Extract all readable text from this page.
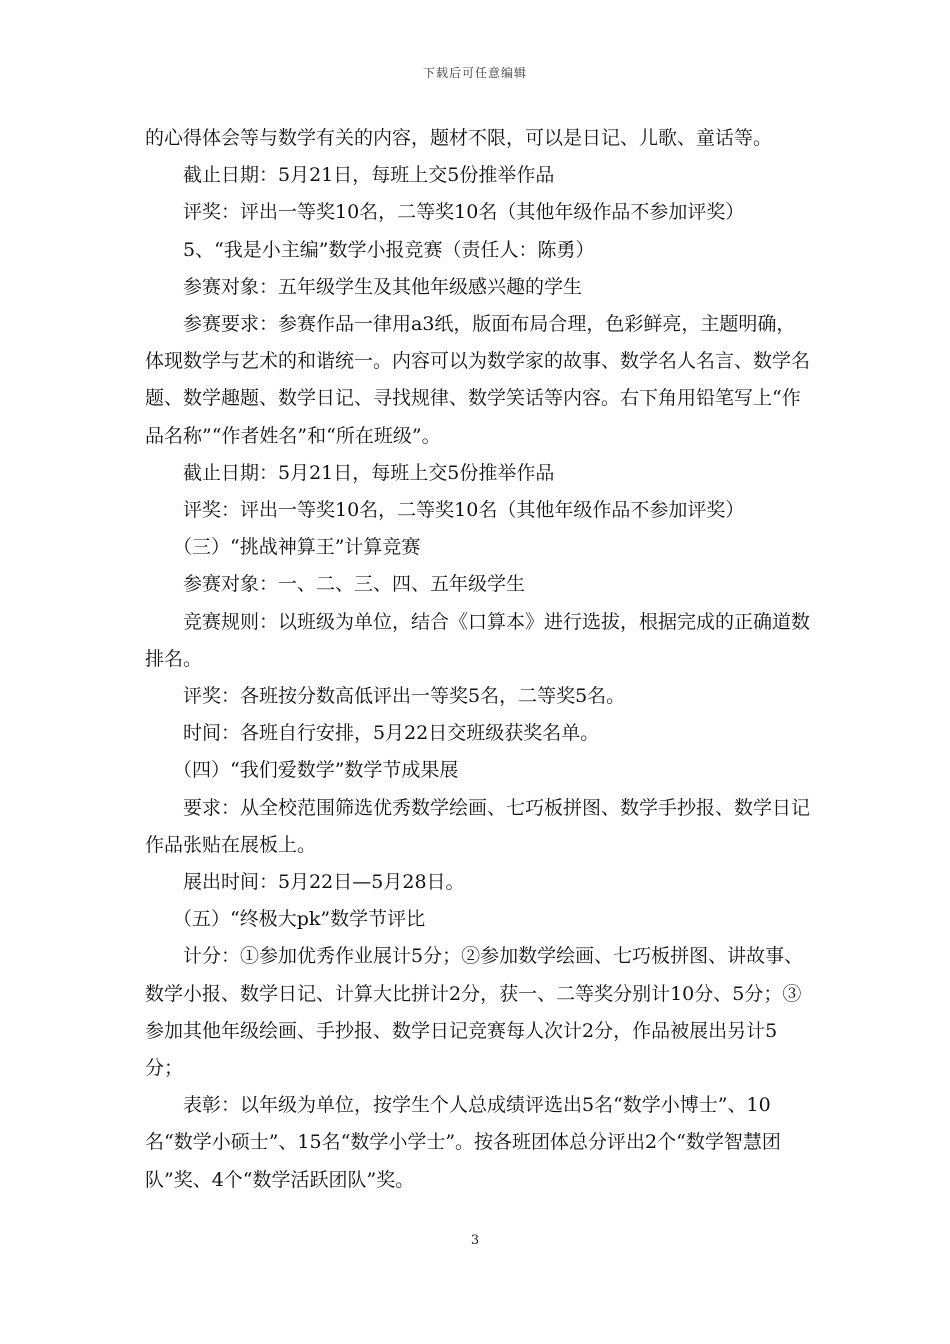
下载后可任意编辑

的心得体会等与数学有关的内容，题材不限，可以是日记、儿歌、童话等。

截止日期：5月21日，每班上交5份推举作品

评奖：评出一等奖10名，二等奖10名（其他年级作品不参加评奖）

5、“我是小主编”数学小报竞赛（责任人：陈勇）

参赛对象：五年级学生及其他年级感兴趣的学生

参赛要求：参赛作品一律用a3纸，版面布局合理，色彩鲜亮，主题明确，体现数学与艺术的和谐统一。内容可以为数学家的故事、数学名人名言、数学名题、数学趣题、数学日记、寻找规律、数学笑话等内容。右下角用铅笔写上“作品名称”“作者姓名”和“所在班级”。

截止日期：5月21日，每班上交5份推举作品

评奖：评出一等奖10名，二等奖10名（其他年级作品不参加评奖）

（三）“挑战神算王”计算竞赛

参赛对象：一、二、三、四、五年级学生

竞赛规则：以班级为单位，结合《口算本》进行选拔，根据完成的正确道数排名。

评奖：各班按分数高低评出一等奖5名，二等奖5名。

时间：各班自行安排，5月22日交班级获奖名单。

（四）“我们爱数学”数学节成果展

要求：从全校范围筛选优秀数学绘画、七巧板拼图、数学手抄报、数学日记作品张贴在展板上。

展出时间：5月22日—5月28日。

（五）“终极大pk”数学节评比

计分：①参加优秀作业展计5分；②参加数学绘画、七巧板拼图、讲故事、数学小报、数学日记、计算大比拼计2分，获一、二等奖分别计10分、5分；③参加其他年级绘画、手抄报、数学日记竞赛每人次计2分，作品被展出另计5分；

表彰：以年级为单位，按学生个人总成绩评选出5名“数学小博士”、10名“数学小硕士”、15名“数学小学士”。按各班团体总分评出2个“数学智慧团队”奖、4个“数学活跃团队”奖。

3
